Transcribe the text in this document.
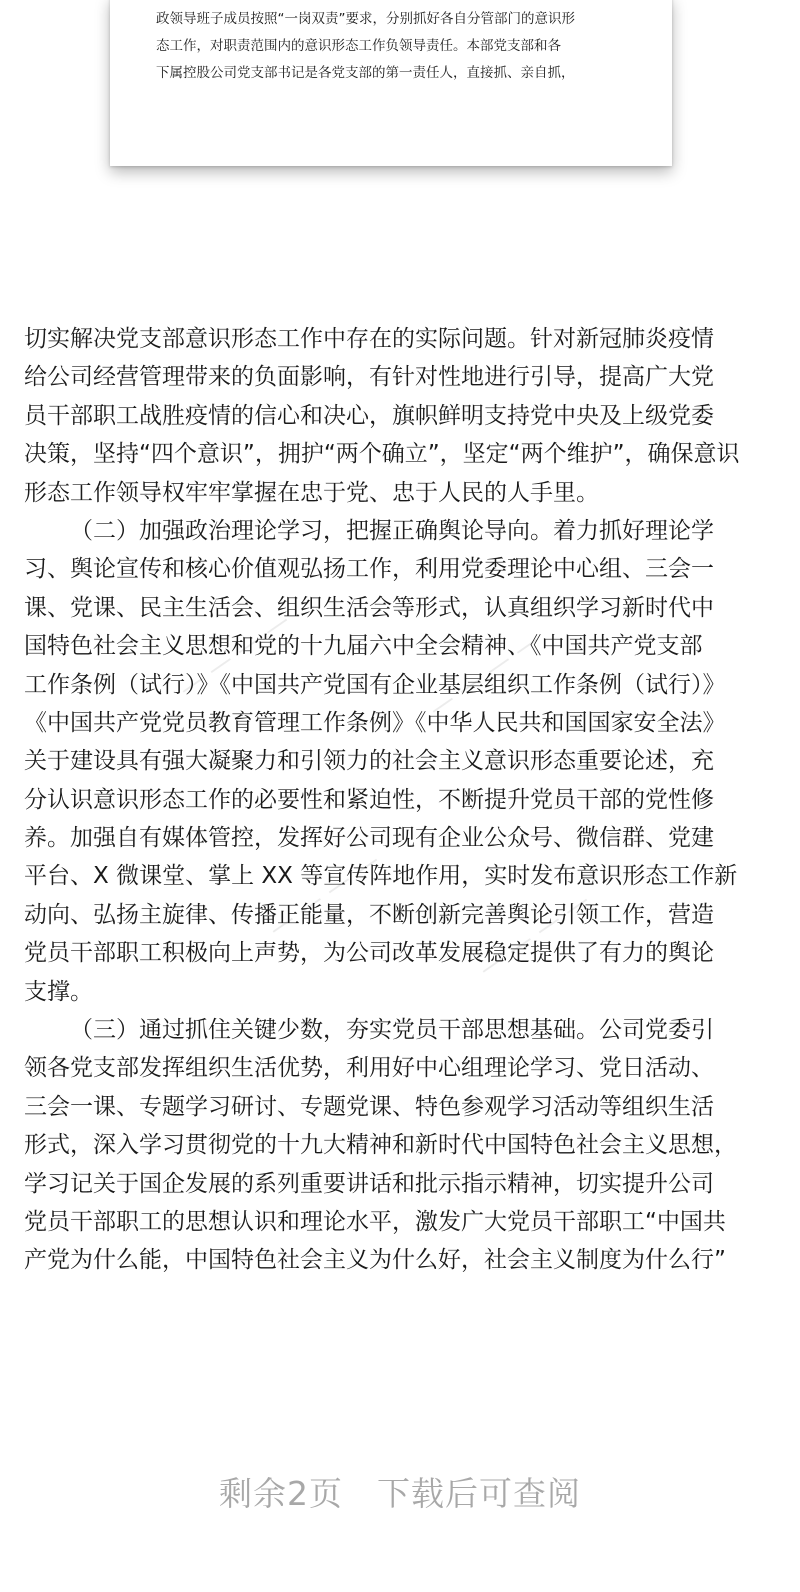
政领导班子成员按照“一岗双责”要求，分别抓好各自分管部门的意识形
态工作，对职责范围内的意识形态工作负领导责任。本部党支部和各
下属控股公司党支部书记是各党支部的第一责任人，直接抓、亲自抓，
— — — —	— — — —
— — — —	— — — —
切实解决党支部意识形态工作中存在的实际问题。针对新冠肺炎疫情
给公司经营管理带来的负面影响，有针对性地进行引导，提高广大党
员干部职工战胜疫情的信心和决心，旗帜鲜明支持党中央及上级党委
决策，坚持“四个意识”，拥护“两个确立”，坚定“两个维护”，确保意识
形态工作领导权牢牢掌握在忠于党、忠于人民的人手里。
（二）加强政治理论学习，把握正确舆论导向。着力抓好理论学
习、舆论宣传和核心价值观弘扬工作，利用党委理论中心组、三会一
课、党课、民主生活会、组织生活会等形式，认真组织学习新时代中
国特色社会主义思想和党的十九届六中全会精神、《中国共产党支部
工作条例（试行）》《中国共产党国有企业基层组织工作条例（试行）》
《中国共产党党员教育管理工作条例》《中华人民共和国国家安全法》
关于建设具有强大凝聚力和引领力的社会主义意识形态重要论述，充
分认识意识形态工作的必要性和紧迫性，不断提升党员干部的党性修
养。加强自有媒体管控，发挥好公司现有企业公众号、微信群、党建
平台、X 微课堂、掌上 XX 等宣传阵地作用，实时发布意识形态工作新
动向、弘扬主旋律、传播正能量，不断创新完善舆论引领工作，营造
党员干部职工积极向上声势，为公司改革发展稳定提供了有力的舆论
支撑。
（三）通过抓住关键少数，夯实党员干部思想基础。公司党委引
领各党支部发挥组织生活优势，利用好中心组理论学习、党日活动、
三会一课、专题学习研讨、专题党课、特色参观学习活动等组织生活
形式，深入学习贯彻党的十九大精神和新时代中国特色社会主义思想，
学习记关于国企发展的系列重要讲话和批示指示精神，切实提升公司
党员干部职工的思想认识和理论水平，激发广大党员干部职工“中国共
产党为什么能，中国特色社会主义为什么好，社会主义制度为什么行”
剩余2页　下载后可查阅
